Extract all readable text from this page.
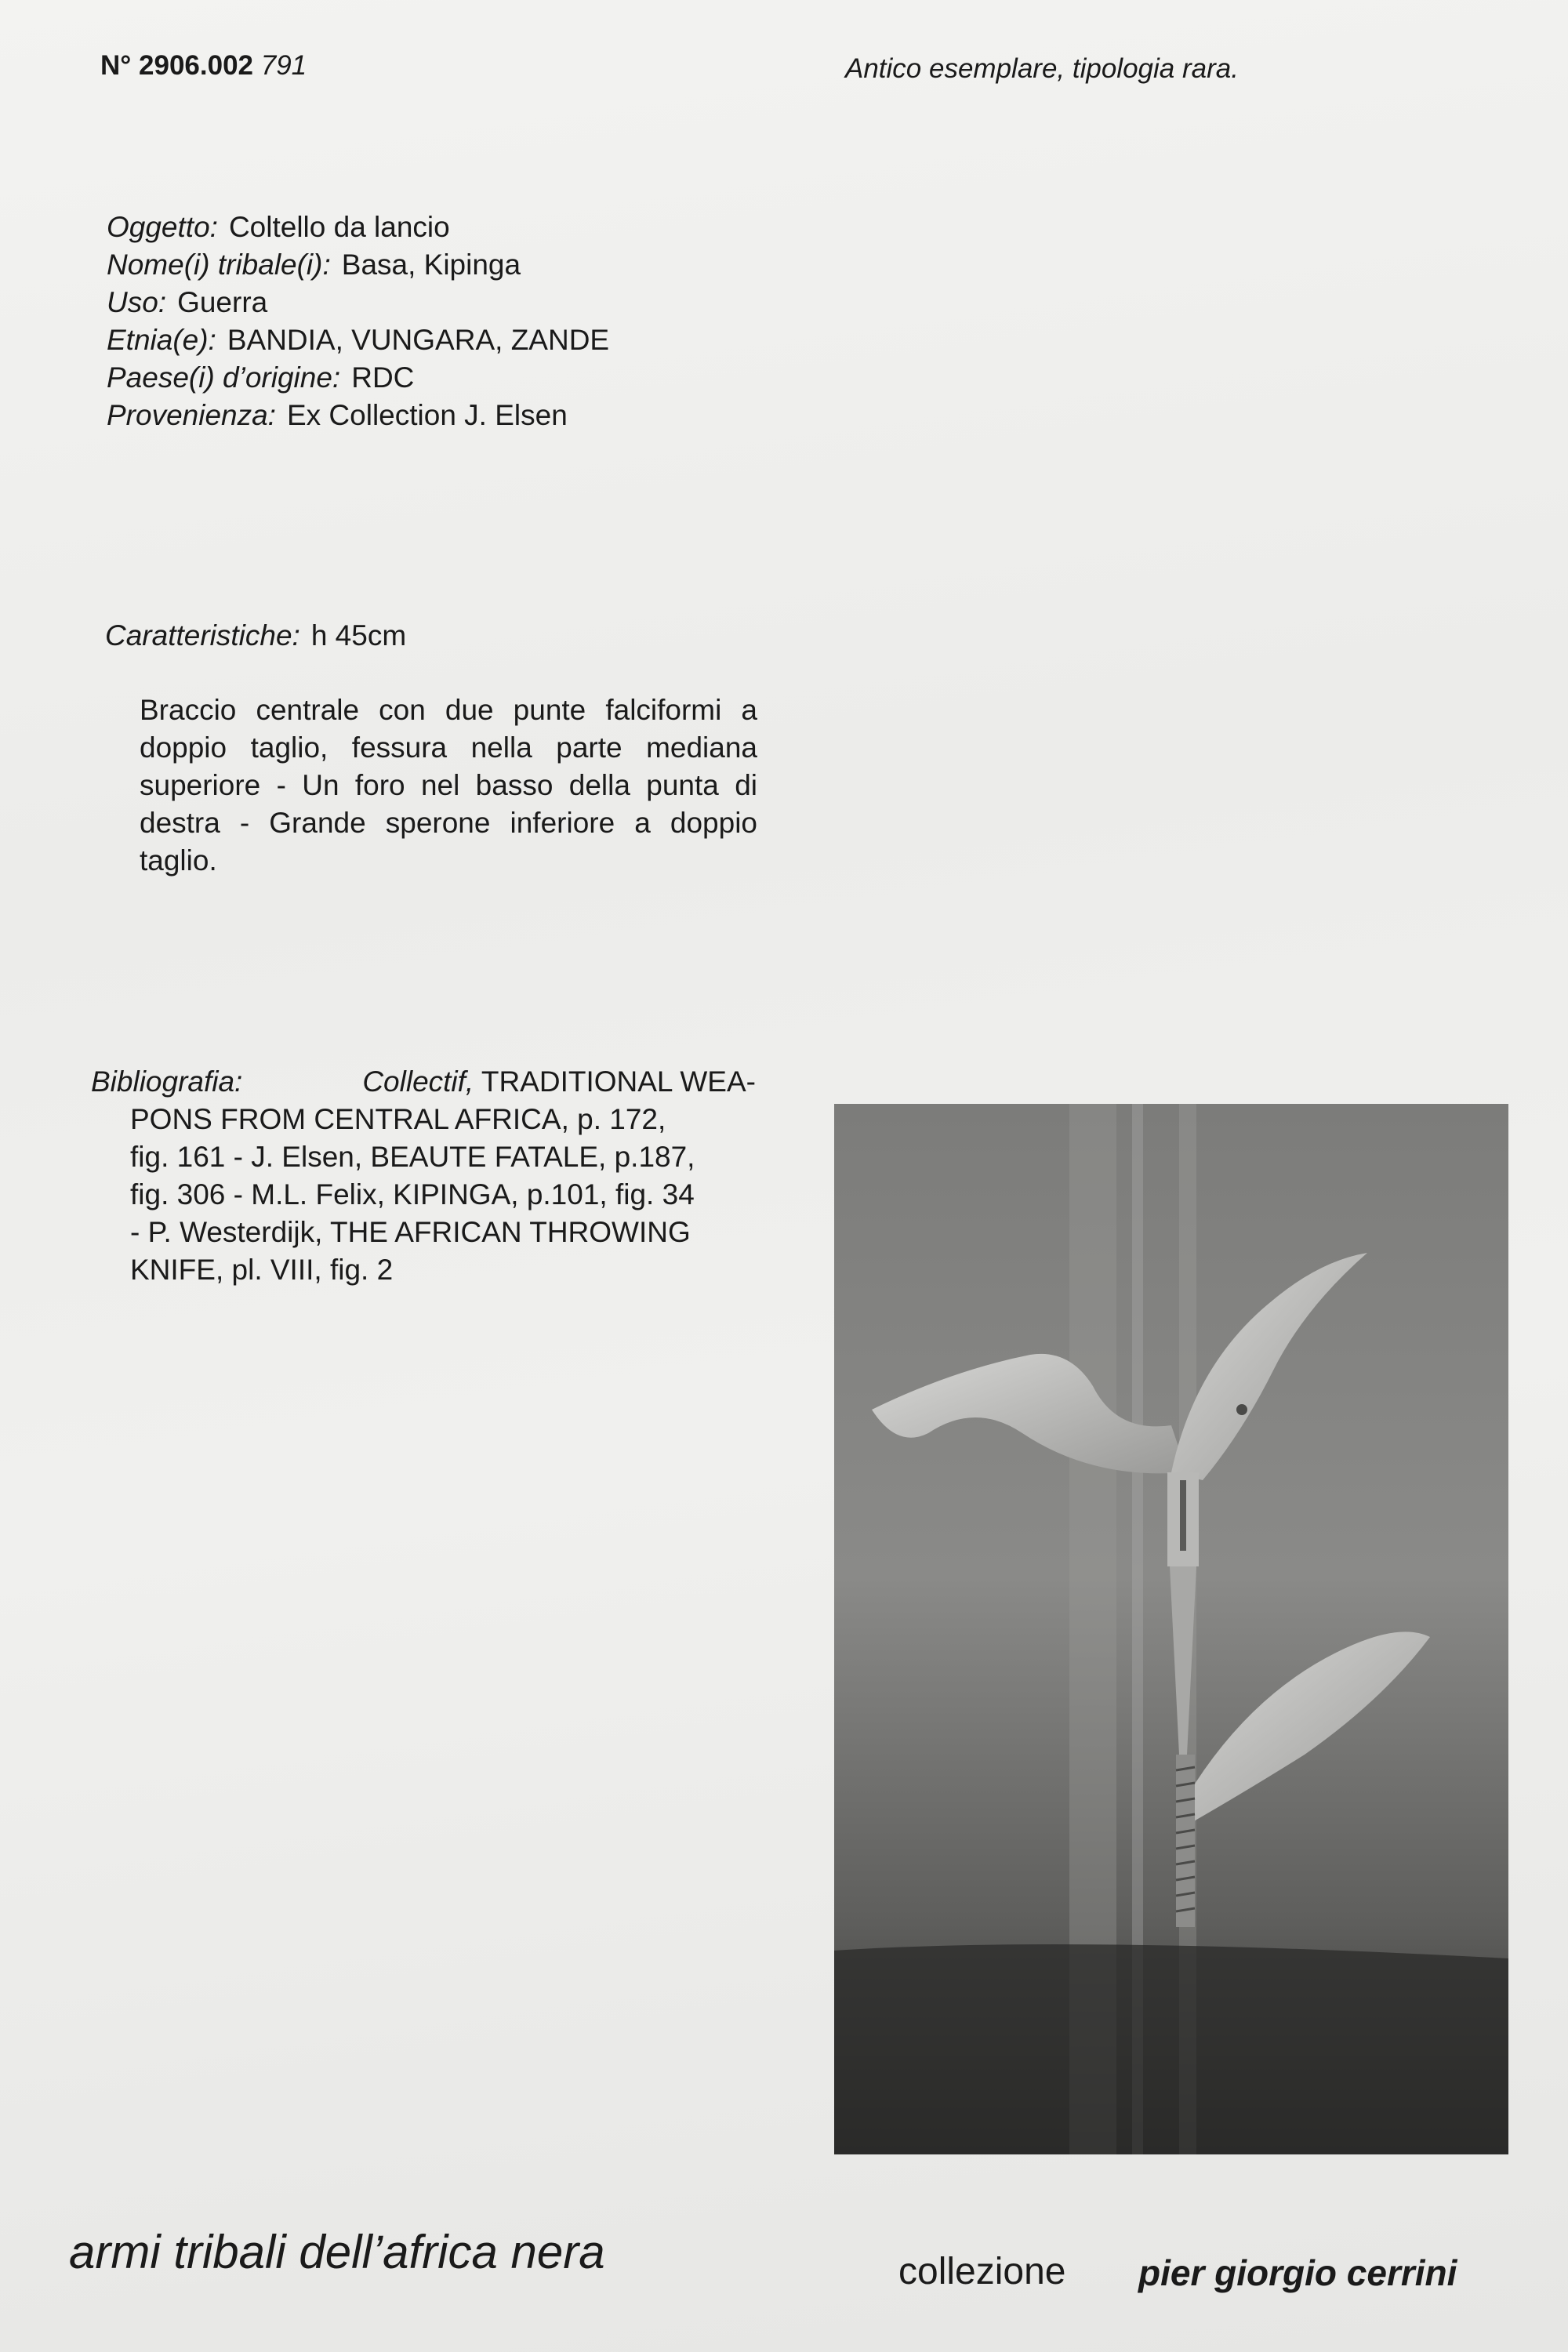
N° 2906.002 791	Antico esemplare, tipologia rara.
Oggetto: Coltello da lancio
Nome(i) tribale(i): Basa, Kipinga
Uso: Guerra
Etnia(e): BANDIA, VUNGARA, ZANDE
Paese(i) d’origine: RDC
Provenienza: Ex Collection J. Elsen
Caratteristiche: h 45cm
Braccio centrale con due punte falciformi a doppio taglio, fessura nella parte mediana superiore - Un foro nel basso della punta di destra - Grande sperone inferiore a doppio taglio.
Bibliografia:	Collectif, TRADITIONAL WEA-
PONS FROM CENTRAL AFRICA, p. 172,
fig. 161 - J. Elsen, BEAUTE FATALE, p.187,
fig. 306 - M.L. Felix, KIPINGA, p.101, fig. 34
- P. Westerdijk, THE AFRICAN THROWING
KNIFE, pl. VIII, fig. 2
armi tribali dell’africa nera	collezione pier giorgio cerrini
